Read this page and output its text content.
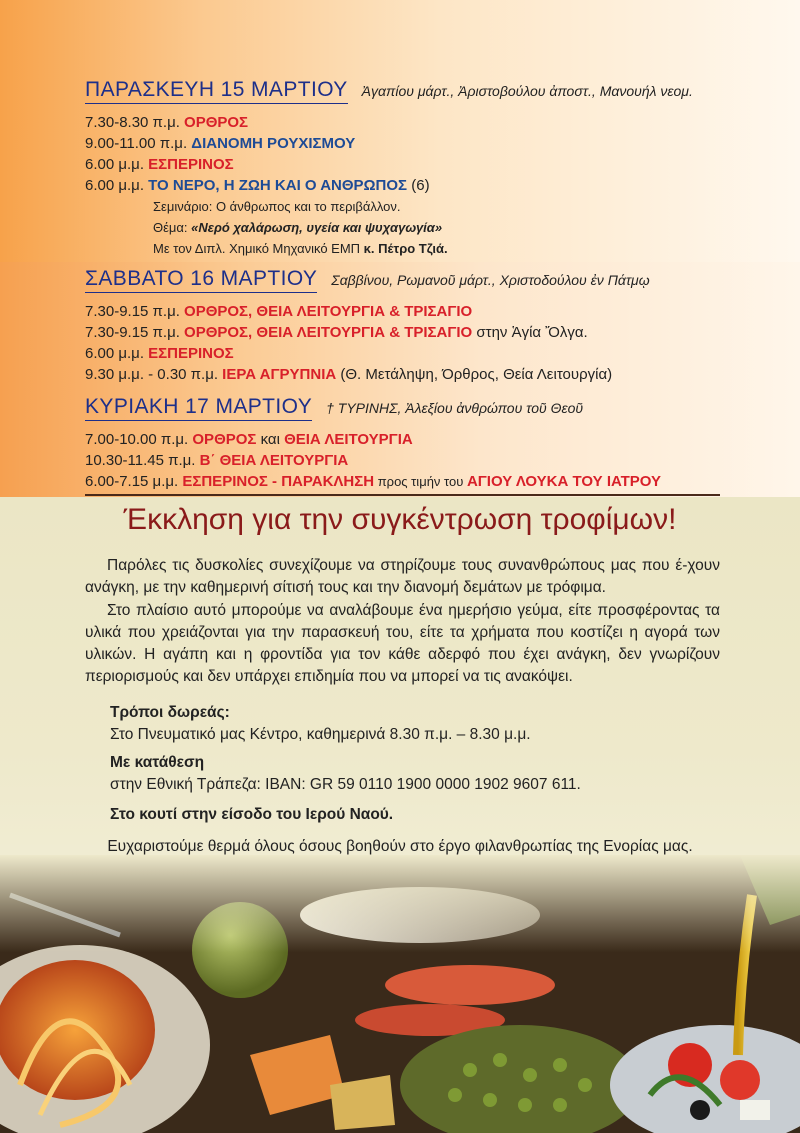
ΠΑΡΑΣΚΕΥΗ 15 ΜΑΡΤΙΟΥ Ἀγαπίου μάρτ., Ἀριστοβούλου ἀποστ., Μανουήλ νεομ.
7.30-8.30 π.μ. ΟΡΘΡΟΣ
9.00-11.00 π.μ. ΔΙΑΝΟΜΗ ΡΟΥΧΙΣΜΟΥ
6.00 μ.μ. ΕΣΠΕΡΙΝΟΣ
6.00 μ.μ. ΤΟ ΝΕΡΟ, Η ΖΩΗ ΚΑΙ Ο ΑΝΘΡΩΠΟΣ (6)
Σεμινάριο: Ο άνθρωπος και το περιβάλλον.
Θέμα: «Νερό χαλάρωση, υγεία και ψυχαγωγία»
Με τον Διπλ. Χημικό Μηχανικό ΕΜΠ κ. Πέτρο Τζιά.
ΣΑΒΒΑΤΟ 16 ΜΑΡΤΙΟΥ Σαββίνου, Ρωμανοῦ μάρτ., Χριστοδούλου ἐν Πάτμῳ
7.30-9.15 π.μ. ΟΡΘΡΟΣ, ΘΕΙΑ ΛΕΙΤΟΥΡΓΙΑ & ΤΡΙΣΑΓΙΟ
7.30-9.15 π.μ. ΟΡΘΡΟΣ, ΘΕΙΑ ΛΕΙΤΟΥΡΓΙΑ & ΤΡΙΣΑΓΙΟ στην Ἁγία Ὄλγα.
6.00 μ.μ. ΕΣΠΕΡΙΝΟΣ
9.30 μ.μ. - 0.30 π.μ. ΙΕΡΑ ΑΓΡΥΠΝΙΑ (Θ. Μετάληψη, Όρθρος, Θεία Λειτουργία)
ΚΥΡΙΑΚΗ 17 ΜΑΡΤΙΟΥ † ΤΥΡΙΝΗΣ, Ἀλεξίου ἀνθρώπου τοῦ Θεοῦ
7.00-10.00 π.μ. ΟΡΘΡΟΣ και ΘΕΙΑ ΛΕΙΤΟΥΡΓΙΑ
10.30-11.45 π.μ. Β΄ ΘΕΙΑ ΛΕΙΤΟΥΡΓΙΑ
6.00-7.15 μ.μ. ΕΣΠΕΡΙΝΟΣ - ΠΑΡΑΚΛΗΣΗ προς τιμήν του ΑΓΙΟΥ ΛΟΥΚΑ ΤΟΥ ΙΑΤΡΟΥ
Έκκληση για την συγκέντρωση τροφίμων!
Παρόλες τις δυσκολίες συνεχίζουμε να στηρίζουμε τους συνανθρώπους μας που έ-χουν ανάγκη, με την καθημερινή σίτισή τους και την διανομή δεμάτων με τρόφιμα.
Στο πλαίσιο αυτό μπορούμε να αναλάβουμε ένα ημερήσιο γεύμα, είτε προσφέροντας τα υλικά που χρειάζονται για την παρασκευή του, είτε τα χρήματα που κοστίζει η αγορά των υλικών. Η αγάπη και η φροντίδα για τον κάθε αδερφό που έχει ανάγκη, δεν γνωρίζουν περιορισμούς και δεν υπάρχει επιδημία που να μπορεί να τις ανακόψει.
Τρόποι δωρεάς:
Στο Πνευματικό μας Κέντρο, καθημερινά 8.30 π.μ. – 8.30 μ.μ.
Με κατάθεση
στην Εθνική Τράπεζα: IBAN: GR 59 0110 1900 0000 1902 9607 611.
Στο κουτί στην είσοδο του Ιερού Ναού.
Ευχαριστούμε θερμά όλους όσους βοηθούν στο έργο φιλανθρωπίας της Ενορίας μας.
